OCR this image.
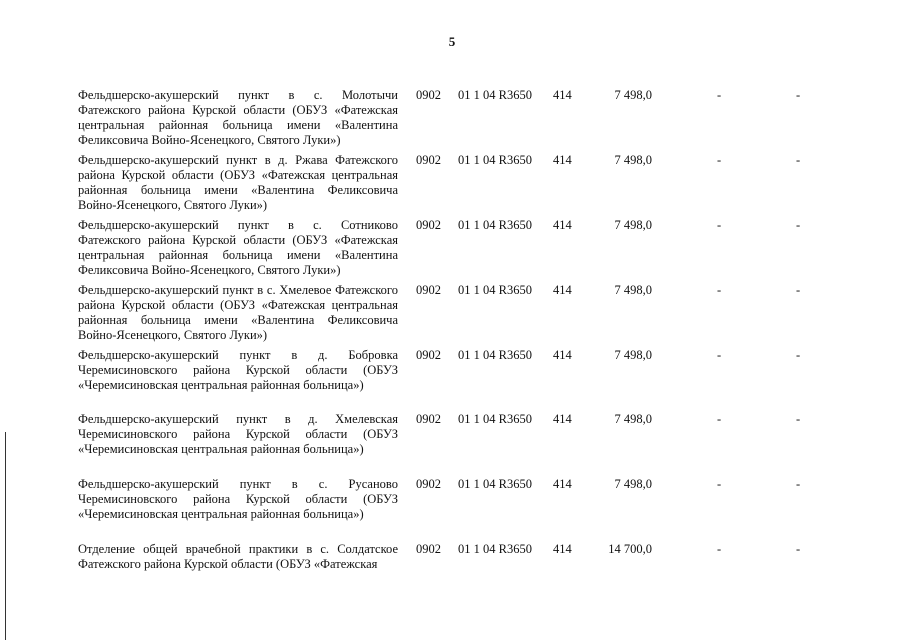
5
Фельдшерско-акушерский пункт в с. Молотычи Фатежского района Курской области (ОБУЗ «Фатежская центральная районная больница имени «Валентина Феликсовича Войно-Ясенецкого, Святого Луки»)
0902 01 1 04 R3650 414	7 498,0	-	-
Фельдшерско-акушерский пункт в д. Ржава Фатежского района Курской области (ОБУЗ «Фатежская центральная районная больница имени «Валентина Феликсовича Войно-Ясенецкого, Святого Луки»)
0902 01 1 04 R3650 414	7 498,0	-	-
Фельдшерско-акушерский пункт в с. Сотниково Фатежского района Курской области (ОБУЗ «Фатежская центральная районная больница имени «Валентина Феликсовича Войно-Ясенецкого, Святого Луки»)
0902 01 1 04 R3650 414	7 498,0	-	-
Фельдшерско-акушерский пункт в с. Хмелевое Фатежского района Курской области (ОБУЗ «Фатежская центральная районная больница имени «Валентина Феликсовича Войно-Ясенецкого, Святого Луки»)
0902 01 1 04 R3650 414	7 498,0	-	-
Фельдшерско-акушерский пункт в д. Бобровка Черемисиновского района Курской области (ОБУЗ «Черемисиновская центральная районная больница»)
0902 01 1 04 R3650 414	7 498,0	-	-
Фельдшерско-акушерский пункт в д. Хмелевская Черемисиновского района Курской области (ОБУЗ «Черемисиновская центральная районная больница»)
0902 01 1 04 R3650 414	7 498,0	-	-
Фельдшерско-акушерский пункт в с. Русаново Черемисиновского района Курской области (ОБУЗ «Черемисиновская центральная районная больница»)
0902 01 1 04 R3650 414	7 498,0	-	-
Отделение общей врачебной практики в с. Солдатское Фатежского района Курской области (ОБУЗ «Фатежская
0902 01 1 04 R3650 414	14 700,0	-	-
